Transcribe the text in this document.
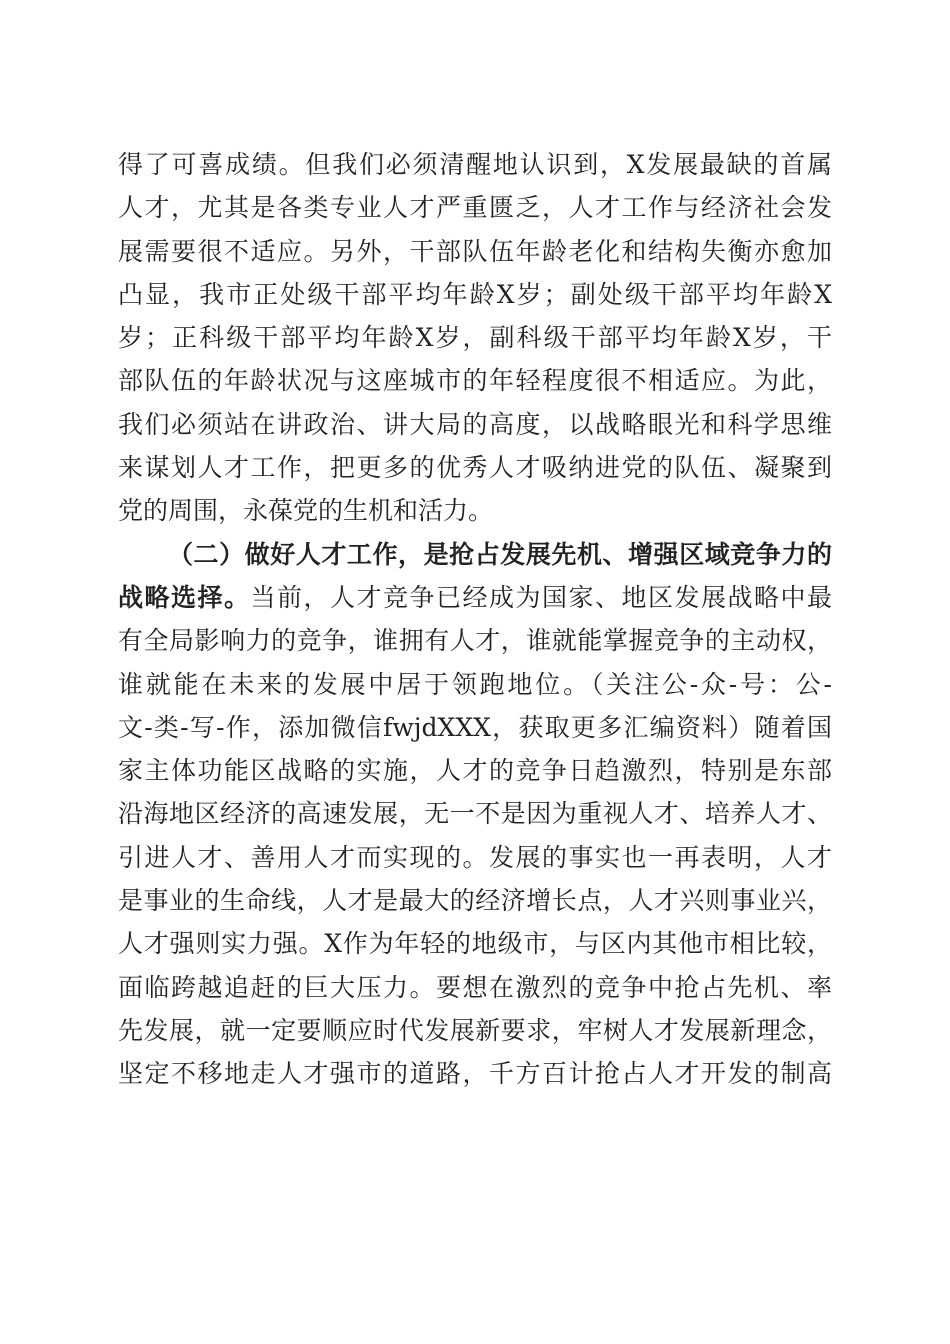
得了可喜成绩。但我们必须清醒地认识到，X发展最缺的首属
人才，尤其是各类专业人才严重匮乏，人才工作与经济社会发
展需要很不适应。另外，干部队伍年龄老化和结构失衡亦愈加
凸显，我市正处级干部平均年龄X岁；副处级干部平均年龄X
岁；正科级干部平均年龄X岁，副科级干部平均年龄X岁，干
部队伍的年龄状况与这座城市的年轻程度很不相适应。为此，
我们必须站在讲政治、讲大局的高度，以战略眼光和科学思维
来谋划人才工作，把更多的优秀人才吸纳进党的队伍、凝聚到
党的周围，永葆党的生机和活力。
（二）做好人才工作，是抢占发展先机、增强区域竞争力的
战略选择。当前，人才竞争已经成为国家、地区发展战略中最
有全局影响力的竞争，谁拥有人才，谁就能掌握竞争的主动权，
谁就能在未来的发展中居于领跑地位。（关注公-众-号：公-
文-类-写-作，添加微信fwjdXXX，获取更多汇编资料）随着国
家主体功能区战略的实施，人才的竞争日趋激烈，特别是东部
沿海地区经济的高速发展，无一不是因为重视人才、培养人才、
引进人才、善用人才而实现的。发展的事实也一再表明，人才
是事业的生命线，人才是最大的经济增长点，人才兴则事业兴，
人才强则实力强。X作为年轻的地级市，与区内其他市相比较，
面临跨越追赶的巨大压力。要想在激烈的竞争中抢占先机、率
先发展，就一定要顺应时代发展新要求，牢树人才发展新理念，
坚定不移地走人才强市的道路，千方百计抢占人才开发的制高
